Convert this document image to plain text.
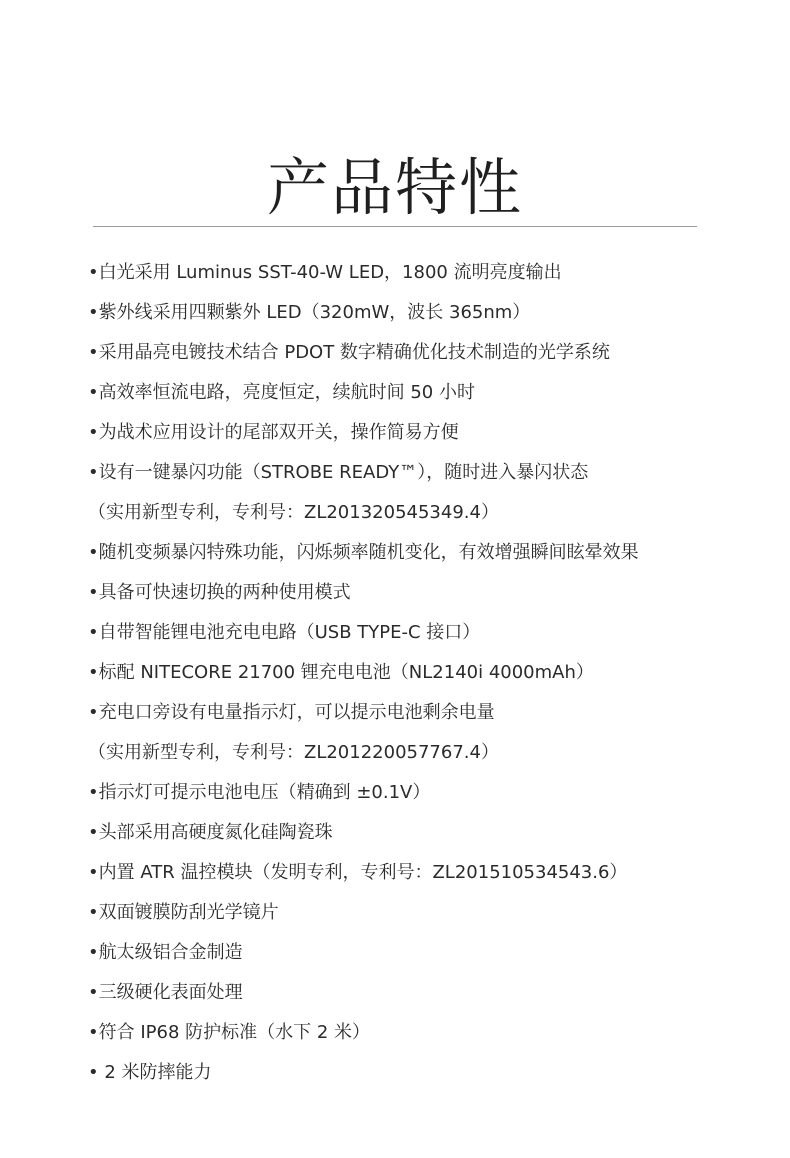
产品特性
•白光采用 Luminus SST-40-W LED，1800 流明亮度输出
•紫外线采用四颗紫外 LED（320mW，波长 365nm）
•采用晶亮电镀技术结合 PDOT 数字精确优化技术制造的光学系统
•高效率恒流电路，亮度恒定，续航时间 50 小时
•为战术应用设计的尾部双开关，操作简易方便
•设有一键暴闪功能（STROBE READY™），随时进入暴闪状态
（实用新型专利，专利号：ZL201320545349.4）
•随机变频暴闪特殊功能，闪烁频率随机变化，有效增强瞬间眩晕效果
•具备可快速切换的两种使用模式
•自带智能锂电池充电电路（USB TYPE-C 接口）
•标配 NITECORE 21700 锂充电电池（NL2140i 4000mAh）
•充电口旁设有电量指示灯，可以提示电池剩余电量
（实用新型专利，专利号：ZL201220057767.4）
•指示灯可提示电池电压（精确到 ±0.1V）
•头部采用高硬度氮化硅陶瓷珠
•内置 ATR 温控模块（发明专利，专利号：ZL201510534543.6）
•双面镀膜防刮光学镜片
•航太级铝合金制造
•三级硬化表面处理
•符合 IP68 防护标准（水下 2 米）
• 2 米防摔能力
